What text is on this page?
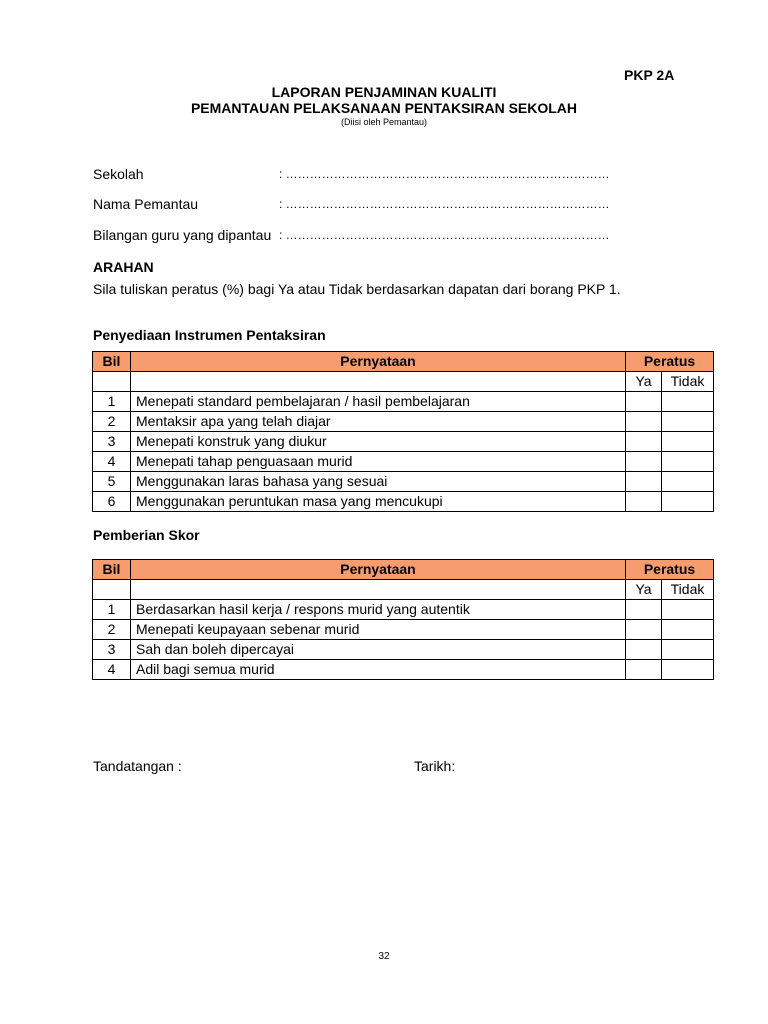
PKP 2A
LAPORAN PENJAMINAN KUALITI
PEMANTAUAN PELAKSANAAN PENTAKSIRAN SEKOLAH
(Diisi oleh Pemantau)
Sekolah	: ………………………………………………………………………
Nama Pemantau	: ………………………………………………………………………
Bilangan guru yang dipantau : ………………………………………………………………………
ARAHAN
Sila tuliskan peratus (%) bagi Ya atau Tidak berdasarkan dapatan dari borang PKP 1.
Penyediaan Instrumen Pentaksiran
Bil	Pernyataan	Peratus	
		Ya	Tidak
1	Menepati standard pembelajaran / hasil pembelajaran		
2	Mentaksir apa yang telah diajar		
3	Menepati konstruk yang diukur		
4	Menepati tahap penguasaan murid		
5	Menggunakan laras bahasa yang sesuai		
6	Menggunakan peruntukan masa yang mencukupi		
Pemberian Skor
Bil	Pernyataan	Peratus	
		Ya	Tidak
1	Berdasarkan hasil kerja / respons murid yang autentik		
2	Menepati keupayaan sebenar murid		
3	Sah dan boleh dipercayai		
4	Adil bagi semua murid		
Tandatangan :	Tarikh:
32
